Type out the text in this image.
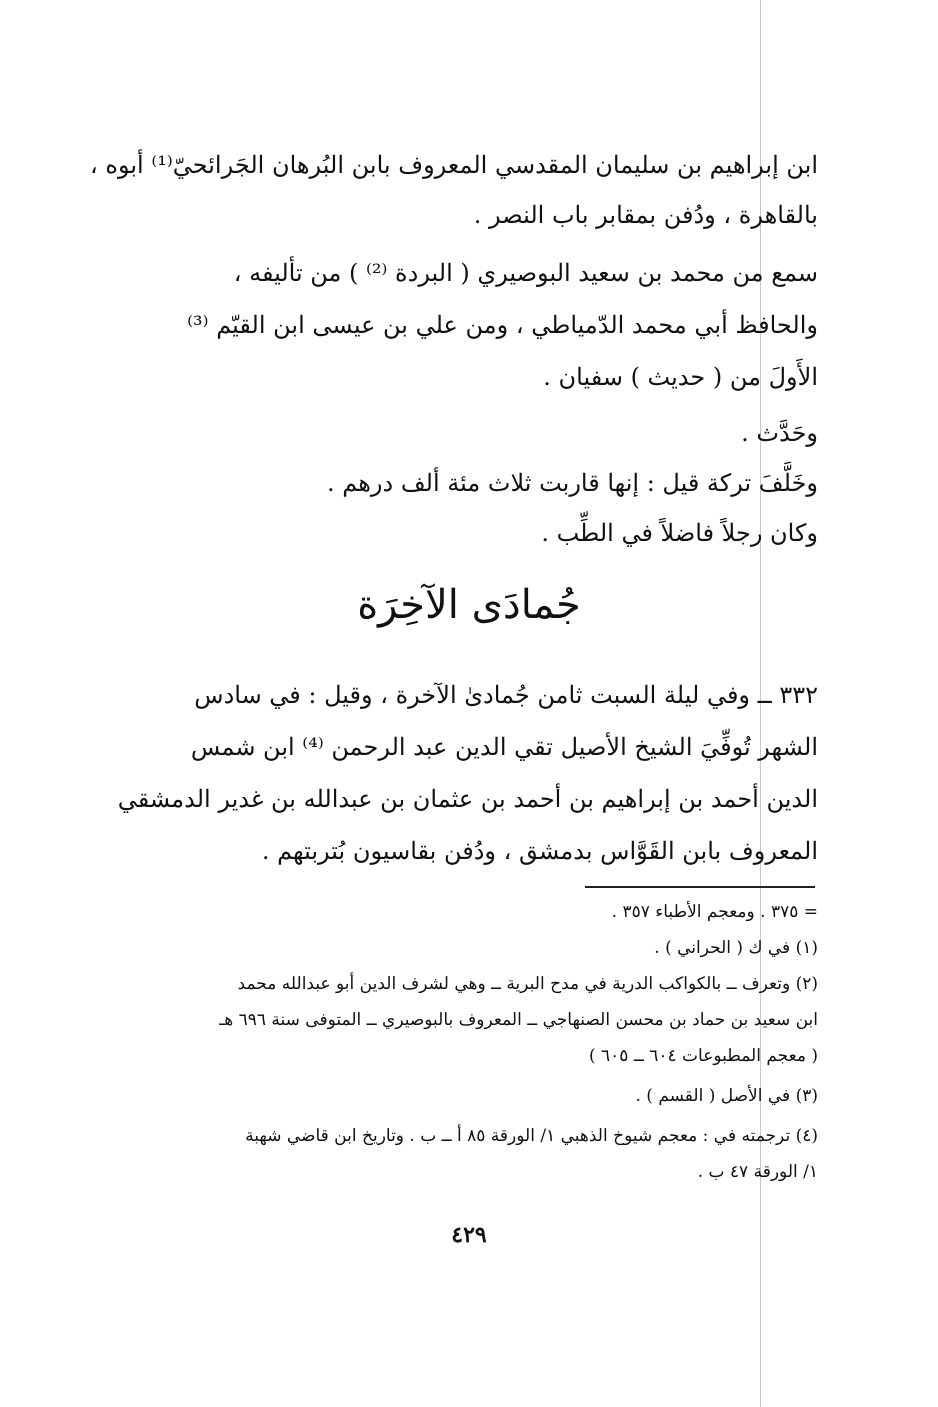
ابن إبراهيم بن سليمان المقدسي المعروف بابن البُرهان الجَرائحيّ⁽¹⁾ أبوه ،
بالقاهرة ، ودُفن بمقابر باب النصر .
سمع من محمد بن سعيد البوصيري ( البردة ⁽²⁾ ) من تأليفه ،
والحافظ أبي محمد الدّمياطي ، ومن علي بن عيسى ابن القيّم ⁽³⁾
الأَولَ من ( حديث ) سفيان .
وحَدَّث .
وخَلَّفَ تركة قيل : إنها قاربت ثلاث مئة ألف درهم .
وكان رجلاً فاضلاً في الطِّب .
جُمادَى الآخِرَة
٣٣٢ ــ وفي ليلة السبت ثامن جُمادىٰ الآخرة ، وقيل : في سادس
الشهر تُوفِّيَ الشيخ الأصيل تقي الدين عبد الرحمن ⁽⁴⁾ ابن شمس
الدين أحمد بن إبراهيم بن أحمد بن عثمان بن عبدالله بن غدير الدمشقي
المعروف بابن القَوَّاس بدمشق ، ودُفن بقاسيون بُتربتهم .
= ٣٧٥ . ومعجم الأطباء ٣٥٧ .
(١) في ك ( الحراني ) .
(٢) وتعرف ــ بالكواكب الدرية في مدح البرية ــ وهي لشرف الدين أبو عبدالله محمد
ابن سعيد بن حماد بن محسن الصنهاجي ــ المعروف بالبوصيري ــ المتوفى سنة ٦٩٦ هـ
( معجم المطبوعات ٦٠٤ ــ ٦٠٥ )
(٣) في الأصل ( القسم ) .
(٤) ترجمته في : معجم شيوخ الذهبي ١/ الورقة ٨٥ أ ــ ب . وتاريخ ابن قاضي شهبة
١/ الورقة ٤٧ ب .
٤٢٩
